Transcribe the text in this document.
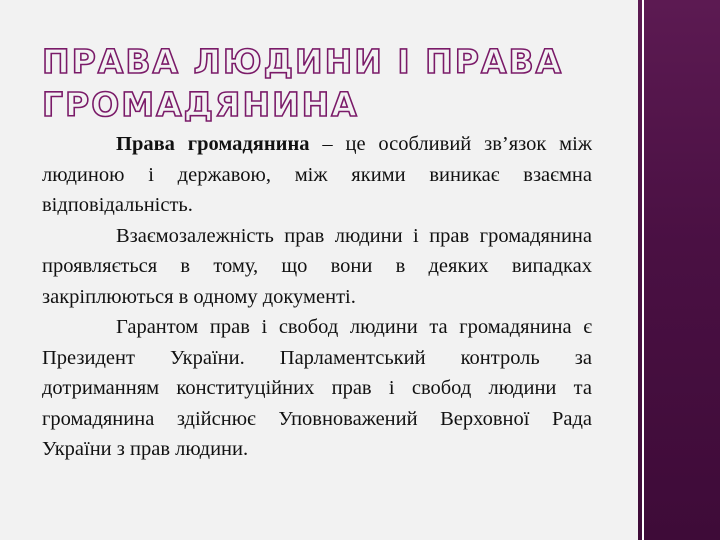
ПРАВА ЛЮДИНИ І ПРАВА ГРОМАДЯНИНА

Права громадянина – це особливий зв’язок між людиною і державою, між якими виникає взаємна відповідальність.

Взаємозалежність прав людини і прав громадянина проявляється в тому, що вони в деяких випадках закріплюються в одному документі.

Гарантом прав і свобод людини та громадянина є Президент України. Парламентський контроль за дотриманням конституційних прав і свобод людини та громадянина здійснює Уповноважений Верховної Рада України з прав людини.
